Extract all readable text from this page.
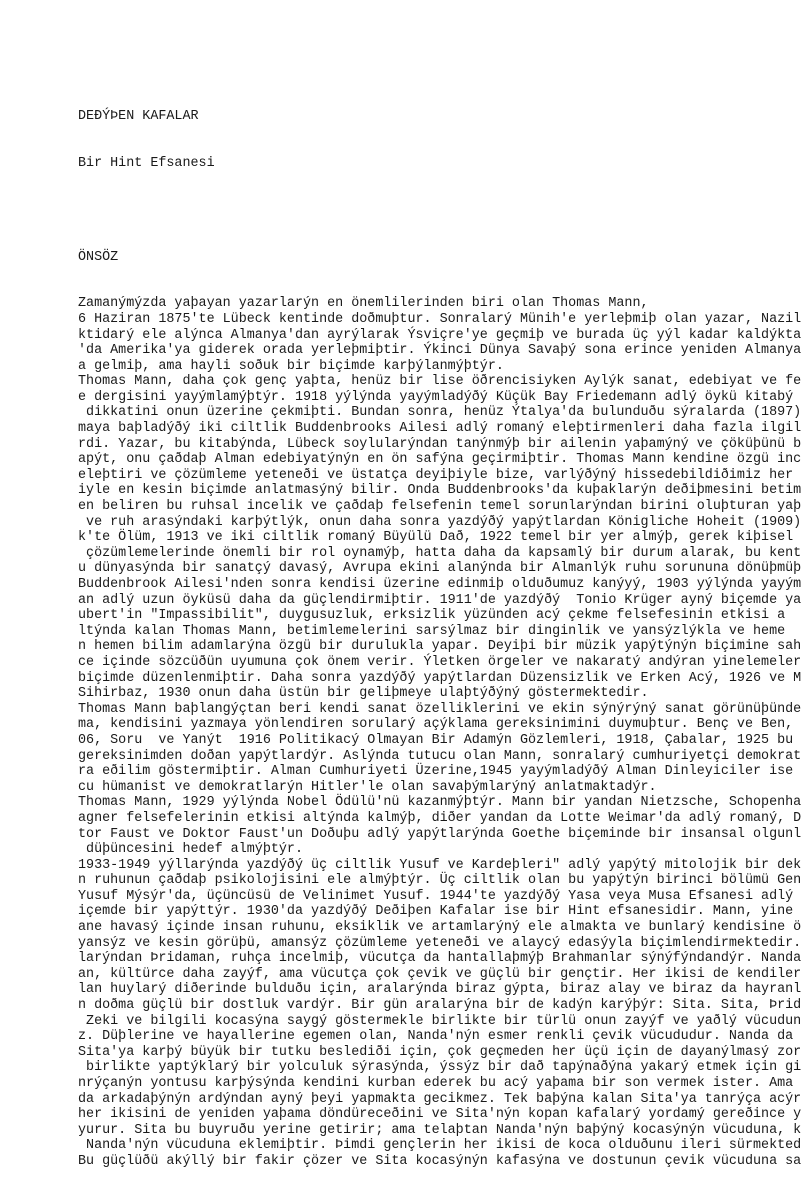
DEÐÝÞEN KAFALAR

Bir Hint Efsanesi

ÖNSÖZ

Zamanýmýzda yaþayan yazarlarýn en önemlilerinden biri olan Thomas Mann,
6 Haziran 1875'te Lübeck kentinde doðmuþtur. Sonralarý Münih'e yerleþmiþ olan yazar, Nazil
ktidarý ele alýnca Almanya'dan ayrýlarak Ýsviçre'ye geçmiþ ve burada üç yýl kadar kaldýkta
'da Amerika'ya giderek orada yerleþmiþtir. Ýkinci Dünya Savaþý sona erince yeniden Almanya
a gelmiþ, ama hayli soðuk bir biçimde karþýlanmýþtýr.
Thomas Mann, daha çok genç yaþta, henüz bir lise öðrencisiyken Aylýk sanat, edebiyat ve fe
e dergisini yayýmlamýþtýr. 1918 yýlýnda yayýmladýðý Küçük Bay Friedemann adlý öykü kitabý
dikkatini onun üzerine çekmiþti. Bundan sonra, henüz Ýtalya'da bulunduðu sýralarda (1897)
maya baþladýðý iki ciltlik Buddenbrooks Ailesi adlý romaný eleþtirmenleri daha fazla ilgil
rdi. Yazar, bu kitabýnda, Lübeck soylularýndan tanýnmýþ bir ailenin yaþamýný ve çöküþünü b
apýt, onu çaðdaþ Alman edebiyatýnýn en ön safýna geçirmiþtir. Thomas Mann kendine özgü inc
eleþtiri ve çözümleme yeteneði ve üstatça deyiþiyle bize, varlýðýný hissedebildiðimiz her
iyle en kesin biçimde anlatmasýný bilir. Onda Buddenbrooks'da kuþaklarýn deðiþmesini betim
en beliren bu ruhsal incelik ve çaðdaþ felsefenin temel sorunlarýndan birini oluþturan yaþ
ve ruh arasýndaki karþýtlýk, onun daha sonra yazdýðý yapýtlardan Königliche Hoheit (1909)
k'te Ölüm, 1913 ve iki ciltlik romaný Büyülü Dað, 1922 temel bir yer almýþ, gerek kiþisel
çözümlemelerinde önemli bir rol oynamýþ, hatta daha da kapsamlý bir durum alarak, bu kent
u dünyasýnda bir sanatçý davasý, Avrupa ekini alanýnda bir Almanlýk ruhu sorununa dönüþmüþ
Buddenbrook Ailesi'nden sonra kendisi üzerine edinmiþ olduðumuz kanýyý, 1903 yýlýnda yayým
an adlý uzun öyküsü daha da güçlendirmiþtir. 1911'de yazdýðý  Tonio Krüger ayný biçemde ya
ubert'in "Impassibilit", duygusuzluk, erksizlik yüzünden acý çekme felsefesinin etkisi a
ltýnda kalan Thomas Mann, betimlemelerini sarsýlmaz bir dinginlik ve yansýzlýkla ve heme
n hemen bilim adamlarýna özgü bir durulukla yapar. Deyiþi bir müzik yapýtýnýn biçimine sah
ce içinde sözcüðün uyumuna çok önem verir. Ýletken örgeler ve nakaratý andýran yinelemeler
biçimde düzenlenmiþtir. Daha sonra yazdýðý yapýtlardan Düzensizlik ve Erken Acý, 1926 ve M
Sihirbaz, 1930 onun daha üstün bir geliþmeye ulaþtýðýný göstermektedir.
Thomas Mann baþlangýçtan beri kendi sanat özelliklerini ve ekin sýnýrýný sanat görünüþünde
ma, kendisini yazmaya yönlendiren sorularý açýklama gereksinimini duymuþtur. Benç ve Ben,
06, Soru  ve Yanýt  1916 Politikacý Olmayan Bir Adamýn Gözlemleri, 1918, Çabalar, 1925 bu
gereksinimden doðan yapýtlardýr. Aslýnda tutucu olan Mann, sonralarý cumhuriyetçi demokrat
ra eðilim göstermiþtir. Alman Cumhuriyeti Üzerine,1945 yayýmladýðý Alman Dinleyiciler ise
cu hümanist ve demokratlarýn Hitler'le olan savaþýmlarýný anlatmaktadýr.
Thomas Mann, 1929 yýlýnda Nobel Ödülü'nü kazanmýþtýr. Mann bir yandan Nietzsche, Schopenha
agner felsefelerinin etkisi altýnda kalmýþ, diðer yandan da Lotte Weimar'da adlý romaný, D
tor Faust ve Doktor Faust'un Doðuþu adlý yapýtlarýnda Goethe biçeminde bir insansal olgunl
düþüncesini hedef almýþtýr.
1933-1949 yýllarýnda yazdýðý üç ciltlik Yusuf ve Kardeþleri" adlý yapýtý mitolojik bir dek
n ruhunun çaðdaþ psikolojisini ele almýþtýr. Üç ciltlik olan bu yapýtýn birinci bölümü Gen
Yusuf Mýsýr'da, üçüncüsü de Velinimet Yusuf. 1944'te yazdýðý Yasa veya Musa Efsanesi adlý
içemde bir yapýttýr. 1930'da yazdýðý Deðiþen Kafalar ise bir Hint efsanesidir. Mann, yine
ane havasý içinde insan ruhunu, eksiklik ve artamlarýný ele almakta ve bunlarý kendisine ö
yansýz ve kesin görüþü, amansýz çözümleme yeteneði ve alaycý edasýyla biçimlendirmektedir.
larýndan Þridaman, ruhça incelmiþ, vücutça da hantallaþmýþ Brahmanlar sýnýfýndandýr. Nanda
an, kültürce daha zayýf, ama vücutça çok çevik ve güçlü bir gençtir. Her ikisi de kendiler
lan huylarý diðerinde bulduðu için, aralarýnda biraz gýpta, biraz alay ve biraz da hayranl
n doðma güçlü bir dostluk vardýr. Bir gün aralarýna bir de kadýn karýþýr: Sita. Sita, Þrid
Zeki ve bilgili kocasýna saygý göstermekle birlikte bir türlü onun zayýf ve yaðlý vücudun
z. Düþlerine ve hayallerine egemen olan, Nanda'nýn esmer renkli çevik vücududur. Nanda da
Sita'ya karþý büyük bir tutku beslediði için, çok geçmeden her üçü için de dayanýlmasý zor
birlikte yaptýklarý bir yolculuk sýrasýnda, ýssýz bir dað tapýnaðýna yakarý etmek için gi
nrýçanýn yontusu karþýsýnda kendini kurban ederek bu acý yaþama bir son vermek ister. Ama
da arkadaþýnýn ardýndan ayný þeyi yapmakta gecikmez. Tek baþýna kalan Sita'ya tanrýça acýr
her ikisini de yeniden yaþama döndüreceðini ve Sita'nýn kopan kafalarý yordamý gereðince y
yurur. Sita bu buyruðu yerine getirir; ama telaþtan Nanda'nýn baþýný kocasýnýn vücuduna, k
Nanda'nýn vücuduna eklemiþtir. Þimdi gençlerin her ikisi de koca olduðunu ileri sürmekted
Bu güçlüðü akýllý bir fakir çözer ve Sita kocasýnýn kafasýna ve dostunun çevik vücuduna sa
